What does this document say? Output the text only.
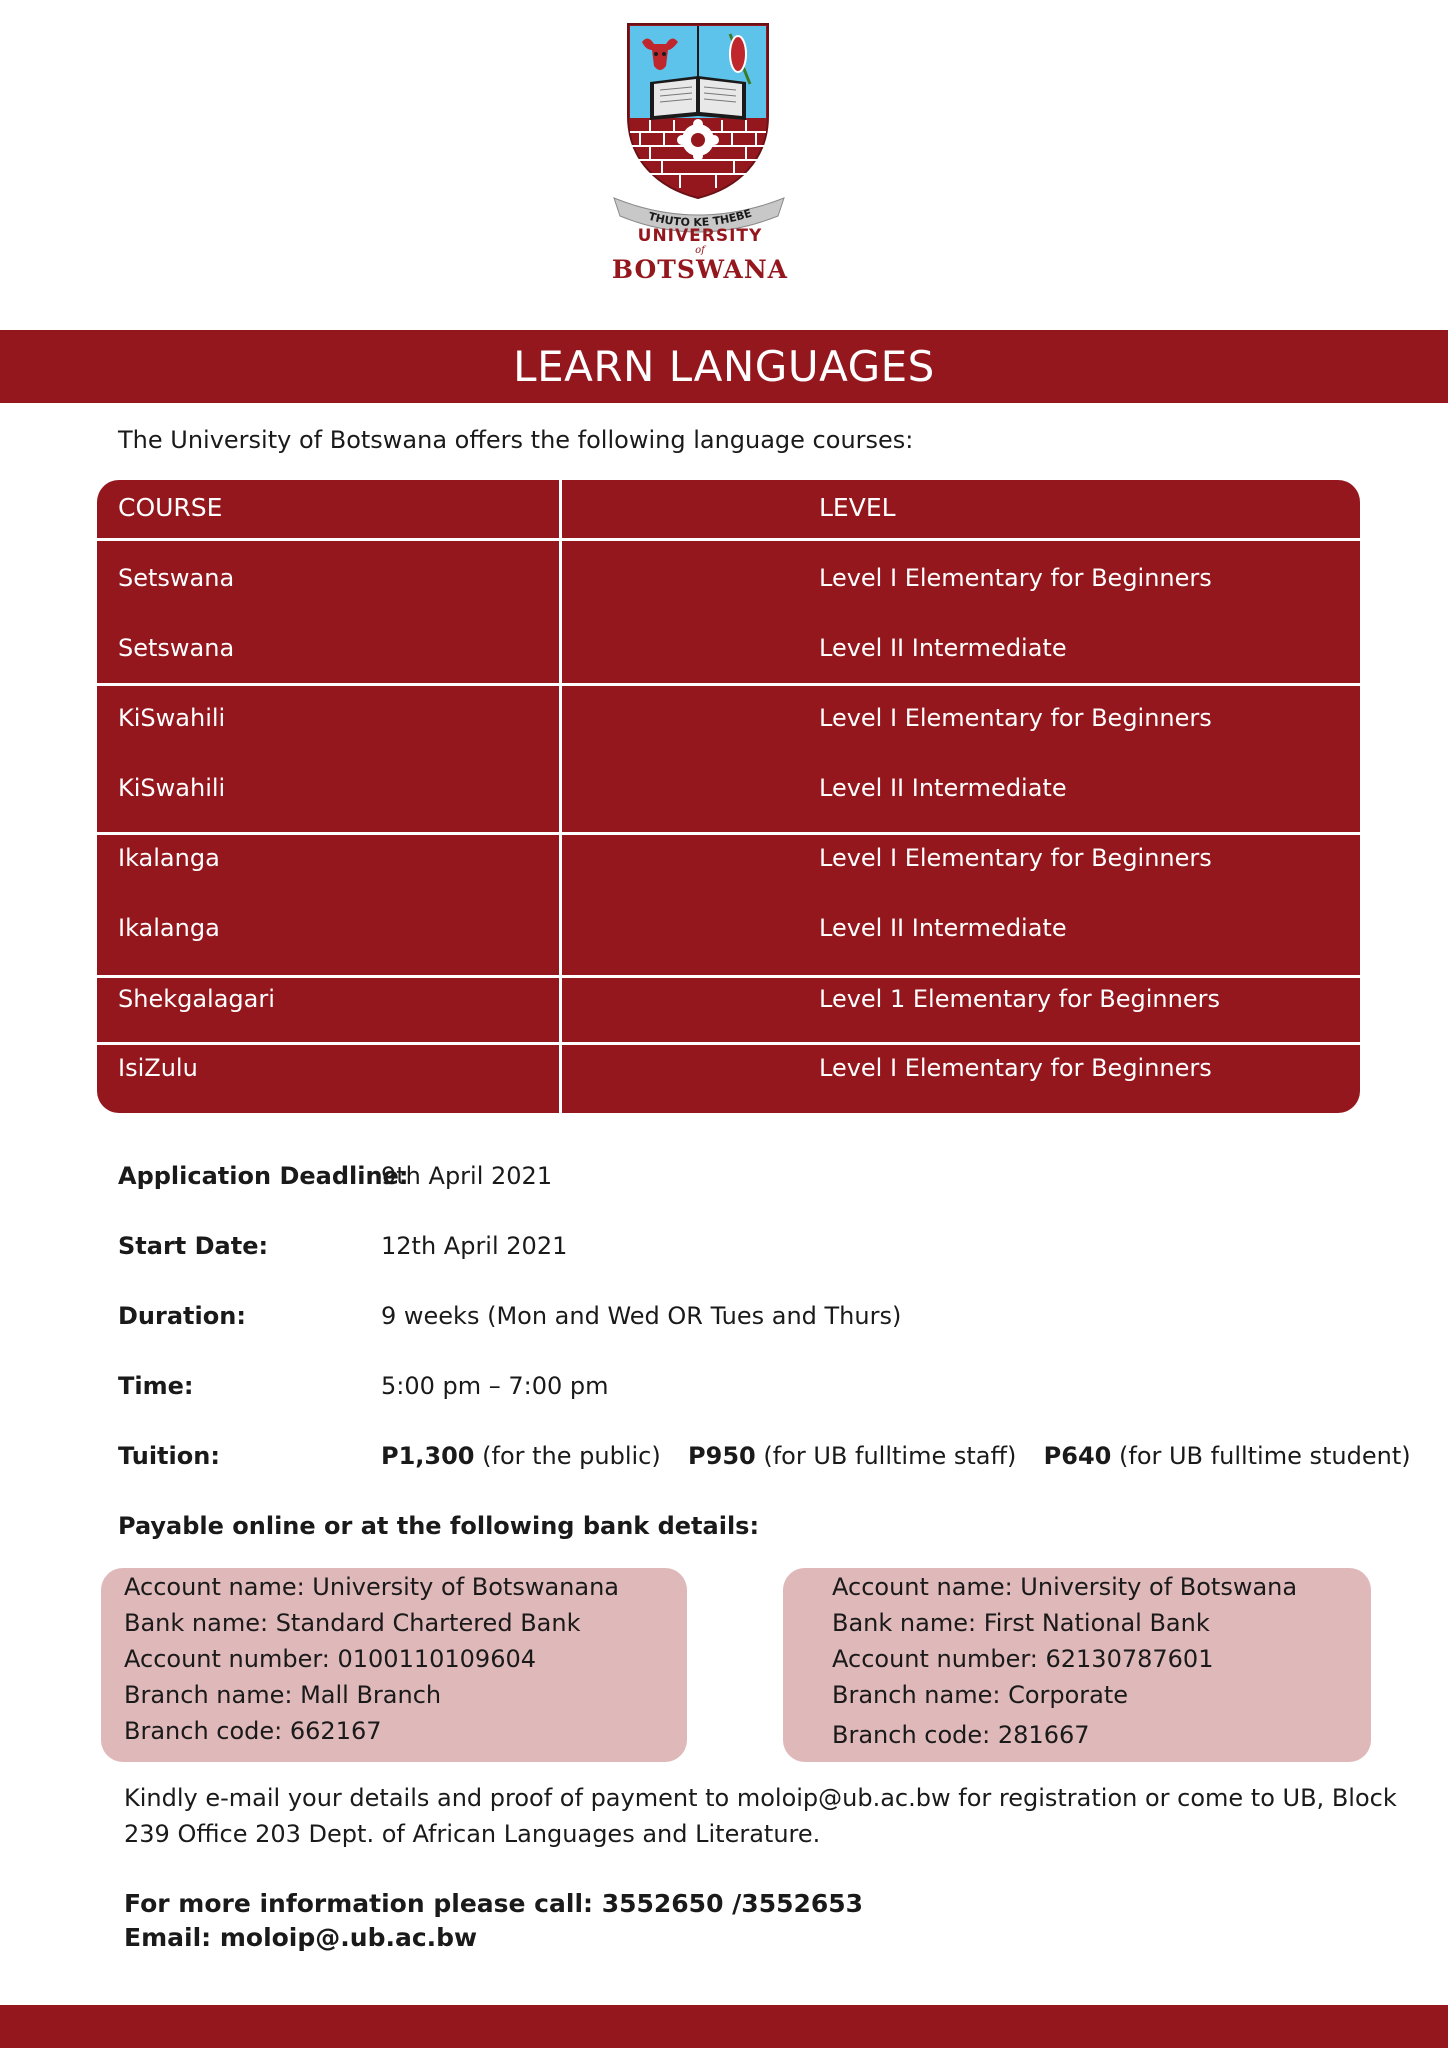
THUTO KE THEBE
UNIVERSITY
of
BOTSWANA
LEARN LANGUAGES
The University of Botswana offers the following language courses:
COURSE	LEVEL
Setswana	Level I Elementary for Beginners
Setswana	Level II Intermediate
KiSwahili	Level I Elementary for Beginners
KiSwahili	Level II Intermediate
Ikalanga	Level I Elementary for Beginners
Ikalanga	Level II Intermediate
Shekgalagari	Level 1 Elementary for Beginners
IsiZulu	Level I Elementary for Beginners
Application Deadline:
9th April 2021
Start Date:	12th April 2021
Duration:	9 weeks (Mon and Wed OR Tues and Thurs)
Time:	5:00 pm – 7:00 pm
Tuition:	P1,300 (for the public) P950 (for UB fulltime staff) P640 (for UB fulltime student)
Payable online or at the following bank details:
Account name: University of Botswanana
Bank name: Standard Chartered Bank
Account number: 0100110109604
Branch name: Mall Branch
Branch code: 662167
Account name: University of Botswana
Bank name: First National Bank
Account number: 62130787601
Branch name: Corporate
Branch code: 281667
Kindly e-mail your details and proof of payment to moloip@ub.ac.bw for registration or come to UB, Block 239 Office 203 Dept. of African Languages and Literature.
For more information please call: 3552650 /3552653
Email: moloip@.ub.ac.bw
